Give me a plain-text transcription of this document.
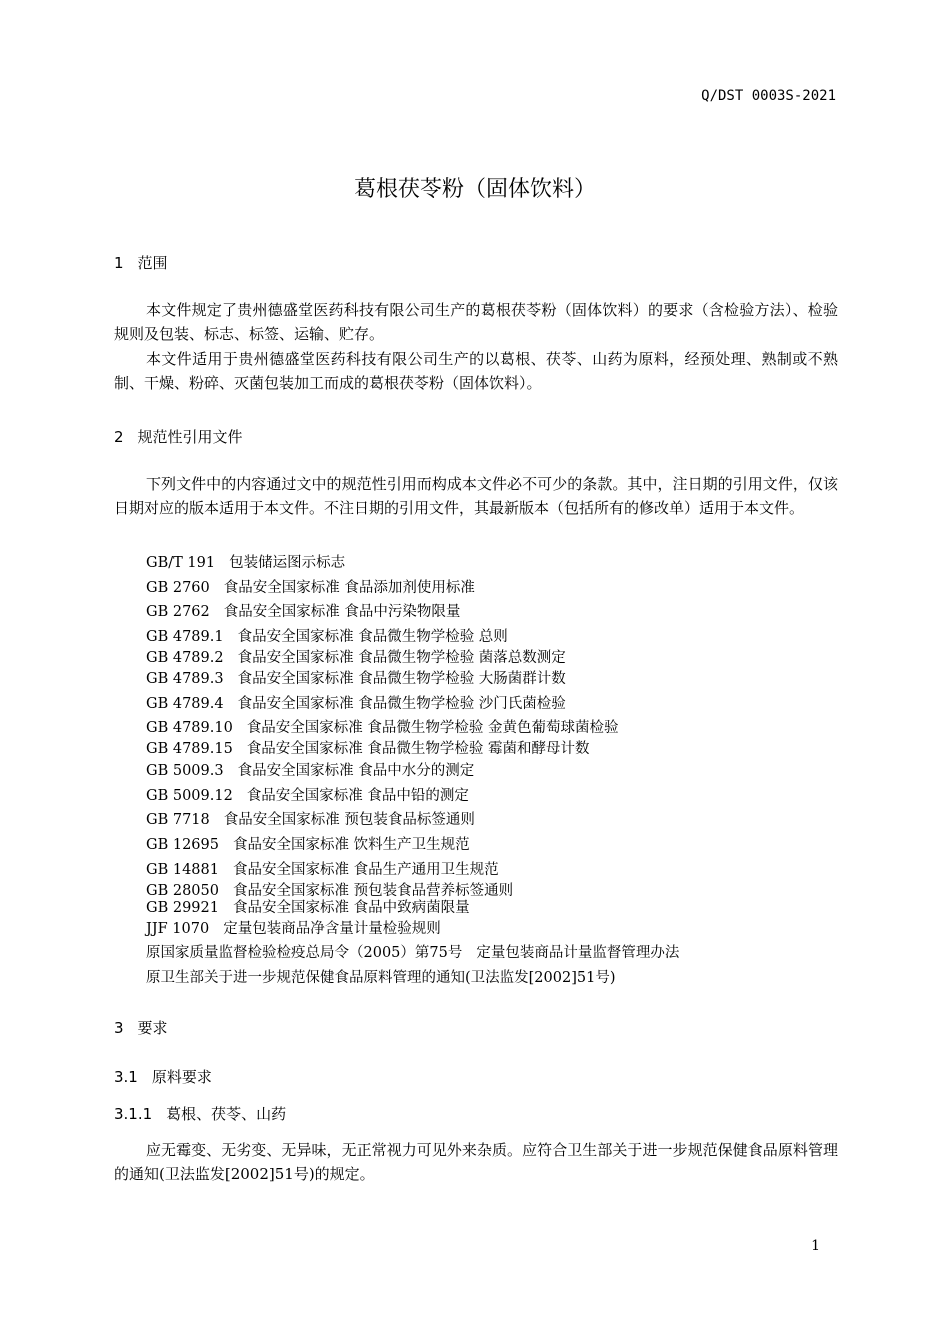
Q/DST 0003S-2021
葛根茯苓粉（固体饮料）
1 范围
本文件规定了贵州德盛堂医药科技有限公司生产的葛根茯苓粉（固体饮料）的要求（含检验方法）、检验规则及包装、标志、标签、运输、贮存。
本文件适用于贵州德盛堂医药科技有限公司生产的以葛根、茯苓、山药为原料，经预处理、熟制或不熟制、干燥、粉碎、灭菌包装加工而成的葛根茯苓粉（固体饮料）。
2 规范性引用文件
下列文件中的内容通过文中的规范性引用而构成本文件必不可少的条款。其中，注日期的引用文件，仅该日期对应的版本适用于本文件。不注日期的引用文件，其最新版本（包括所有的修改单）适用于本文件。
GB/T 191 包装储运图示标志
GB 2760 食品安全国家标准 食品添加剂使用标准
GB 2762 食品安全国家标准 食品中污染物限量
GB 4789.1 食品安全国家标准 食品微生物学检验 总则
GB 4789.2 食品安全国家标准 食品微生物学检验 菌落总数测定
GB 4789.3 食品安全国家标准 食品微生物学检验 大肠菌群计数
GB 4789.4 食品安全国家标准 食品微生物学检验 沙门氏菌检验
GB 4789.10 食品安全国家标准 食品微生物学检验 金黄色葡萄球菌检验
GB 4789.15 食品安全国家标准 食品微生物学检验 霉菌和酵母计数
GB 5009.3 食品安全国家标准 食品中水分的测定
GB 5009.12 食品安全国家标准 食品中铅的测定
GB 7718 食品安全国家标准 预包装食品标签通则
GB 12695 食品安全国家标准 饮料生产卫生规范
GB 14881 食品安全国家标准 食品生产通用卫生规范
GB 28050 食品安全国家标准 预包装食品营养标签通则
GB 29921 食品安全国家标准 食品中致病菌限量
JJF 1070 定量包装商品净含量计量检验规则
原国家质量监督检验检疫总局令（2005）第75号 定量包装商品计量监督管理办法
原卫生部关于进一步规范保健食品原料管理的通知(卫法监发[2002]51号)
3 要求
3.1 原料要求
3.1.1 葛根、茯苓、山药
应无霉变、无劣变、无异味，无正常视力可见外来杂质。应符合卫生部关于进一步规范保健食品原料管理的通知(卫法监发[2002]51号)的规定。
1
